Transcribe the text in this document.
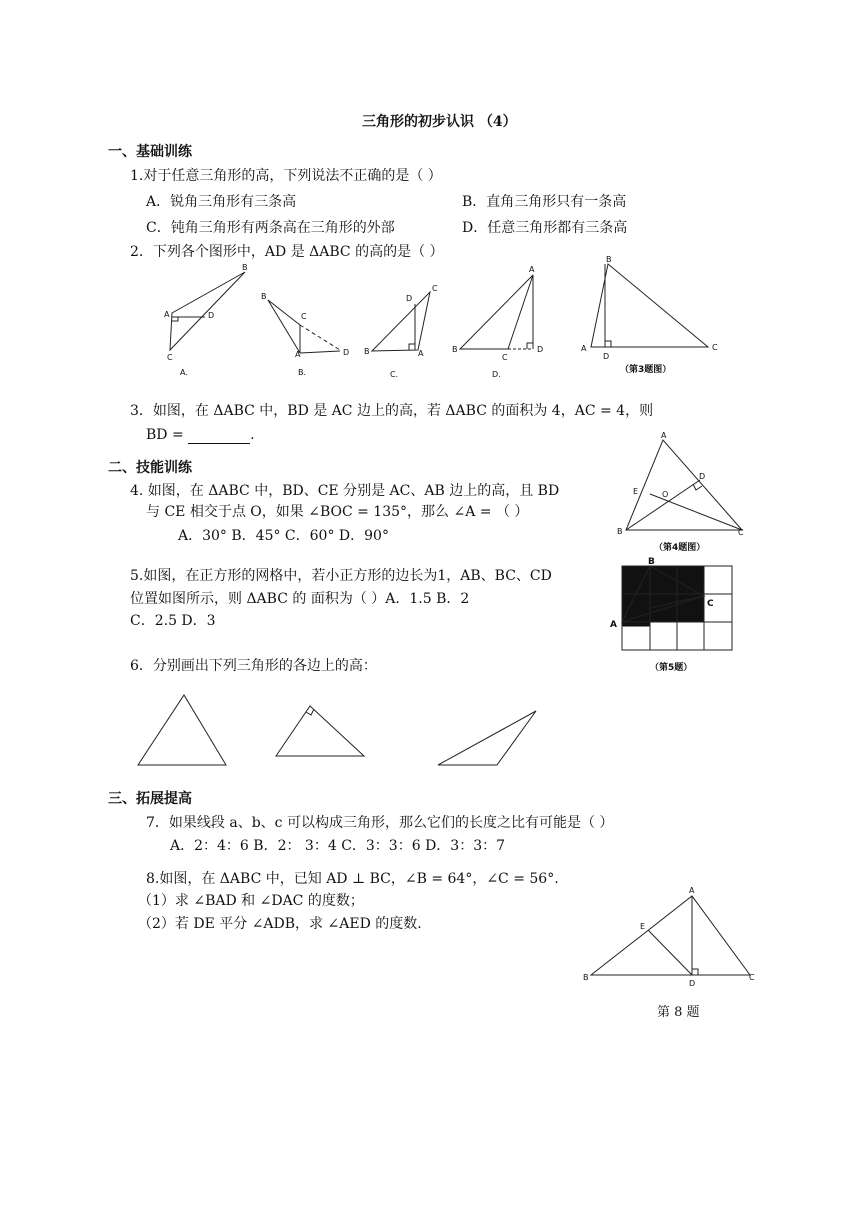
三角形的初步认识 （4）
一、基础训练
1.对于任意三角形的高，下列说法不正确的是（ ）
A．锐角三角形有三条高	B．直角三角形只有一条高
C．钝角三角形有两条高在三角形的外部	D．任意三角形都有三条高
2．下列各个图形中，AD 是 ΔABC 的高的是（ ）
B
A	D
C
B
C
A	D B
C
D
A
A
B
C
D
B
A
D
C
A.	B.	C.	D.	（第3题图）
3．如图，在 ΔABC 中，BD 是 AC 边上的高，若 ΔABC 的面积为 4，AC = 4，则
BD =	.
二、技能训练
4. 如图，在 ΔABC 中，BD、CE 分别是 AC、AB 边上的高，且 BD
与 CE 相交于点 O，如果 ∠BOC = 135°，那么 ∠A = （ ）
A．30° B．45° C．60° D．90°
A
D
E	O
B	C
（第4题图）
5.如图，在正方形的网格中，若小正方形的边长为1，AB、BC、CD
位置如图所示，则 ΔABC 的 面积为（ ）A．1.5 B．2
C．2.5 D．3
B
C
A
（第5题）
6．分别画出下列三角形的各边上的高：
三、拓展提高
7．如果线段 a、b、c 可以构成三角形，那么它们的长度之比有可能是（ ）
A．2：4：6 B．2： 3：4 C．3：3：6 D．3：3：7
8.如图，在 ΔABC 中，已知 AD ⊥ BC，∠B = 64°，∠C = 56°.
（1）求 ∠BAD 和 ∠DAC 的度数；
（2）若 DE 平分 ∠ADB，求 ∠AED 的度数.
A
E
B
D
C
第 8 题
